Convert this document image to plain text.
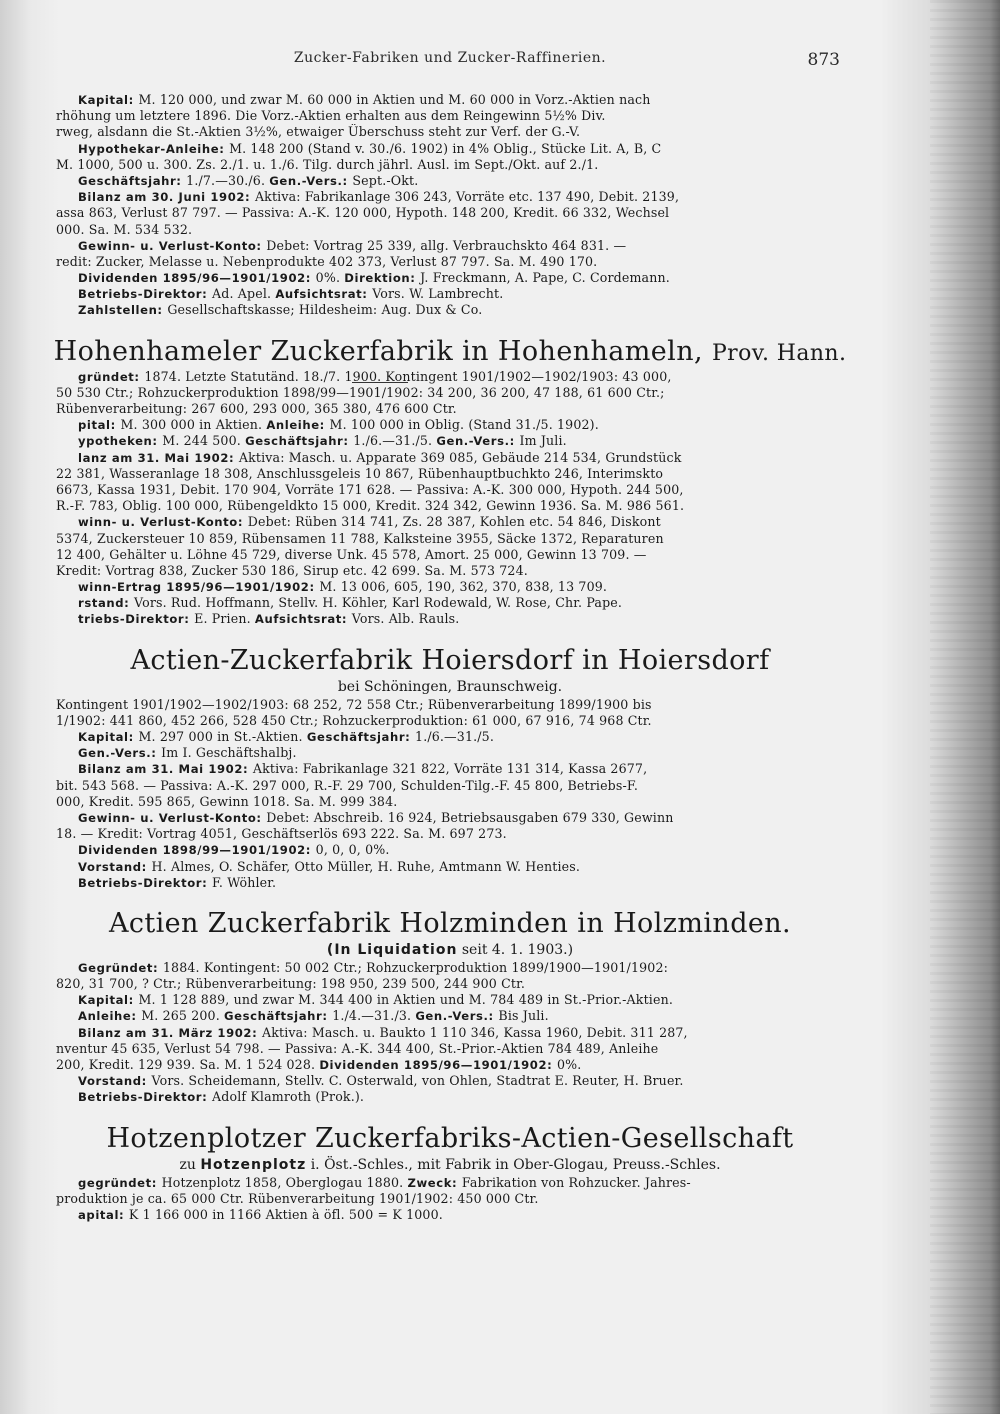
Zucker-Fabriken und Zucker-Raffinerien.	873
Kapital: M. 120 000, und zwar M. 60 000 in Aktien und M. 60 000 in Vorz.-Aktien nach
rhöhung um letztere 1896. Die Vorz.-Aktien erhalten aus dem Reingewinn 5½% Div.
rweg, alsdann die St.-Aktien 3½%, etwaiger Überschuss steht zur Verf. der G.-V.
Hypothekar-Anleihe: M. 148 200 (Stand v. 30./6. 1902) in 4% Oblig., Stücke Lit. A, B, C
M. 1000, 500 u. 300. Zs. 2./1. u. 1./6. Tilg. durch jährl. Ausl. im Sept./Okt. auf 2./1.
Geschäftsjahr: 1./7.—30./6. Gen.-Vers.: Sept.-Okt.
Bilanz am 30. Juni 1902: Aktiva: Fabrikanlage 306 243, Vorräte etc. 137 490, Debit. 2139,
assa 863, Verlust 87 797. — Passiva: A.-K. 120 000, Hypoth. 148 200, Kredit. 66 332, Wechsel
000. Sa. M. 534 532.
Gewinn- u. Verlust-Konto: Debet: Vortrag 25 339, allg. Verbrauchskto 464 831. —
redit: Zucker, Melasse u. Nebenprodukte 402 373, Verlust 87 797. Sa. M. 490 170.
Dividenden 1895/96—1901/1902: 0%. Direktion: J. Freckmann, A. Pape, C. Cordemann.
Betriebs-Direktor: Ad. Apel. Aufsichtsrat: Vors. W. Lambrecht.
Zahlstellen: Gesellschaftskasse; Hildesheim: Aug. Dux & Co.
Hohenhameler Zuckerfabrik in Hohenhameln, Prov. Hann.
gründet: 1874. Letzte Statutänd. 18./7. 1900. Kontingent 1901/1902—1902/1903: 43 000,
50 530 Ctr.; Rohzuckerproduktion 1898/99—1901/1902: 34 200, 36 200, 47 188, 61 600 Ctr.;
Rübenverarbeitung: 267 600, 293 000, 365 380, 476 600 Ctr.
pital: M. 300 000 in Aktien. Anleihe: M. 100 000 in Oblig. (Stand 31./5. 1902).
ypotheken: M. 244 500. Geschäftsjahr: 1./6.—31./5. Gen.-Vers.: Im Juli.
lanz am 31. Mai 1902: Aktiva: Masch. u. Apparate 369 085, Gebäude 214 534, Grundstück
22 381, Wasseranlage 18 308, Anschlussgeleis 10 867, Rübenhauptbuchkto 246, Interimskto
6673, Kassa 1931, Debit. 170 904, Vorräte 171 628. — Passiva: A.-K. 300 000, Hypoth. 244 500,
R.-F. 783, Oblig. 100 000, Rübengeldkto 15 000, Kredit. 324 342, Gewinn 1936. Sa. M. 986 561.
winn- u. Verlust-Konto: Debet: Rüben 314 741, Zs. 28 387, Kohlen etc. 54 846, Diskont
5374, Zuckersteuer 10 859, Rübensamen 11 788, Kalksteine 3955, Säcke 1372, Reparaturen
12 400, Gehälter u. Löhne 45 729, diverse Unk. 45 578, Amort. 25 000, Gewinn 13 709. —
Kredit: Vortrag 838, Zucker 530 186, Sirup etc. 42 699. Sa. M. 573 724.
winn-Ertrag 1895/96—1901/1902: M. 13 006, 605, 190, 362, 370, 838, 13 709.
rstand: Vors. Rud. Hoffmann, Stellv. H. Köhler, Karl Rodewald, W. Rose, Chr. Pape.
triebs-Direktor: E. Prien. Aufsichtsrat: Vors. Alb. Rauls.
Actien-Zuckerfabrik Hoiersdorf in Hoiersdorf
bei Schöningen, Braunschweig.
Kontingent 1901/1902—1902/1903: 68 252, 72 558 Ctr.; Rübenverarbeitung 1899/1900 bis
1/1902: 441 860, 452 266, 528 450 Ctr.; Rohzuckerproduktion: 61 000, 67 916, 74 968 Ctr.
Kapital: M. 297 000 in St.-Aktien. Geschäftsjahr: 1./6.—31./5.
Gen.-Vers.: Im I. Geschäftshalbj.
Bilanz am 31. Mai 1902: Aktiva: Fabrikanlage 321 822, Vorräte 131 314, Kassa 2677,
bit. 543 568. — Passiva: A.-K. 297 000, R.-F. 29 700, Schulden-Tilg.-F. 45 800, Betriebs-F.
000, Kredit. 595 865, Gewinn 1018. Sa. M. 999 384.
Gewinn- u. Verlust-Konto: Debet: Abschreib. 16 924, Betriebsausgaben 679 330, Gewinn
18. — Kredit: Vortrag 4051, Geschäftserlös 693 222. Sa. M. 697 273.
Dividenden 1898/99—1901/1902: 0, 0, 0, 0%.
Vorstand: H. Almes, O. Schäfer, Otto Müller, H. Ruhe, Amtmann W. Henties.
Betriebs-Direktor: F. Wöhler.
Actien Zuckerfabrik Holzminden in Holzminden.
(In Liquidation seit 4. 1. 1903.)
Gegründet: 1884. Kontingent: 50 002 Ctr.; Rohzuckerproduktion 1899/1900—1901/1902:
820, 31 700, ? Ctr.; Rübenverarbeitung: 198 950, 239 500, 244 900 Ctr.
Kapital: M. 1 128 889, und zwar M. 344 400 in Aktien und M. 784 489 in St.-Prior.-Aktien.
Anleihe: M. 265 200. Geschäftsjahr: 1./4.—31./3. Gen.-Vers.: Bis Juli.
Bilanz am 31. März 1902: Aktiva: Masch. u. Baukto 1 110 346, Kassa 1960, Debit. 311 287,
nventur 45 635, Verlust 54 798. — Passiva: A.-K. 344 400, St.-Prior.-Aktien 784 489, Anleihe
200, Kredit. 129 939. Sa. M. 1 524 028. Dividenden 1895/96—1901/1902: 0%.
Vorstand: Vors. Scheidemann, Stellv. C. Osterwald, von Ohlen, Stadtrat E. Reuter, H. Bruer.
Betriebs-Direktor: Adolf Klamroth (Prok.).
Hotzenplotzer Zuckerfabriks-Actien-Gesellschaft
zu Hotzenplotz i. Öst.-Schles., mit Fabrik in Ober-Glogau, Preuss.-Schles.
gegründet: Hotzenplotz 1858, Oberglogau 1880. Zweck: Fabrikation von Rohzucker. Jahres-
produktion je ca. 65 000 Ctr. Rübenverarbeitung 1901/1902: 450 000 Ctr.
apital: K 1 166 000 in 1166 Aktien à öfl. 500 = K 1000.
